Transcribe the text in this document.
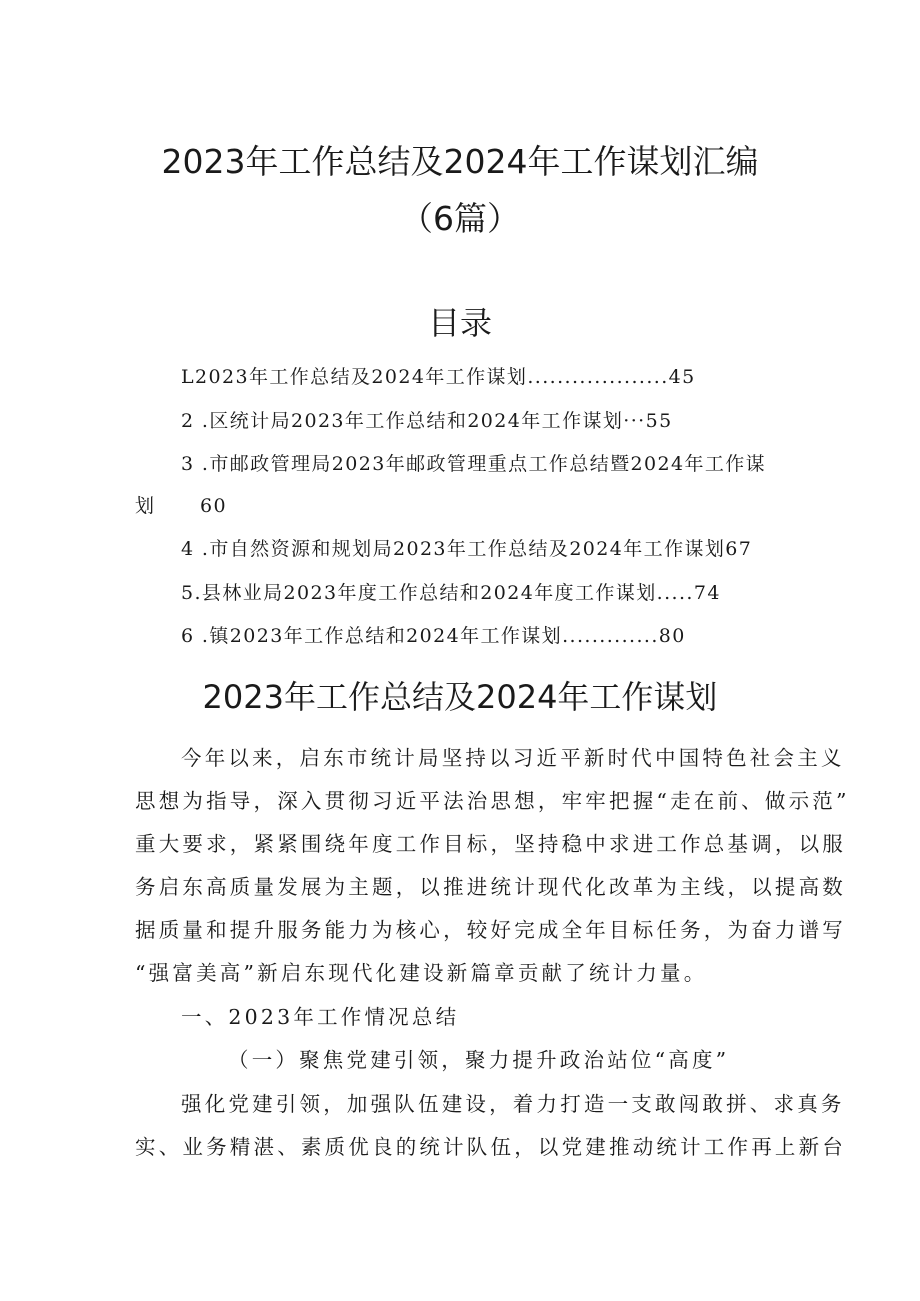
2023年工作总结及2024年工作谋划汇编
（6篇）
目录
L2023年工作总结及2024年工作谋划...................45
2 .区统计局2023年工作总结和2024年工作谋划···55
3 .市邮政管理局2023年邮政管理重点工作总结暨2024年工作谋
划      60
4 .市自然资源和规划局2023年工作总结及2024年工作谋划67
5.县林业局2023年度工作总结和2024年度工作谋划.....74
6 .镇2023年工作总结和2024年工作谋划.............80
2023年工作总结及2024年工作谋划
今年以来，启东市统计局坚持以习近平新时代中国特色社会主义
思想为指导，深入贯彻习近平法治思想，牢牢把握“走在前、做示范”
重大要求，紧紧围绕年度工作目标，坚持稳中求进工作总基调，以服
务启东高质量发展为主题，以推进统计现代化改革为主线，以提高数
据质量和提升服务能力为核心，较好完成全年目标任务，为奋力谱写
“强富美高”新启东现代化建设新篇章贡献了统计力量。
一、2023年工作情况总结
（一）聚焦党建引领，聚力提升政治站位“高度”
强化党建引领，加强队伍建设，着力打造一支敢闯敢拼、求真务
实、业务精湛、素质优良的统计队伍，以党建推动统计工作再上新台
